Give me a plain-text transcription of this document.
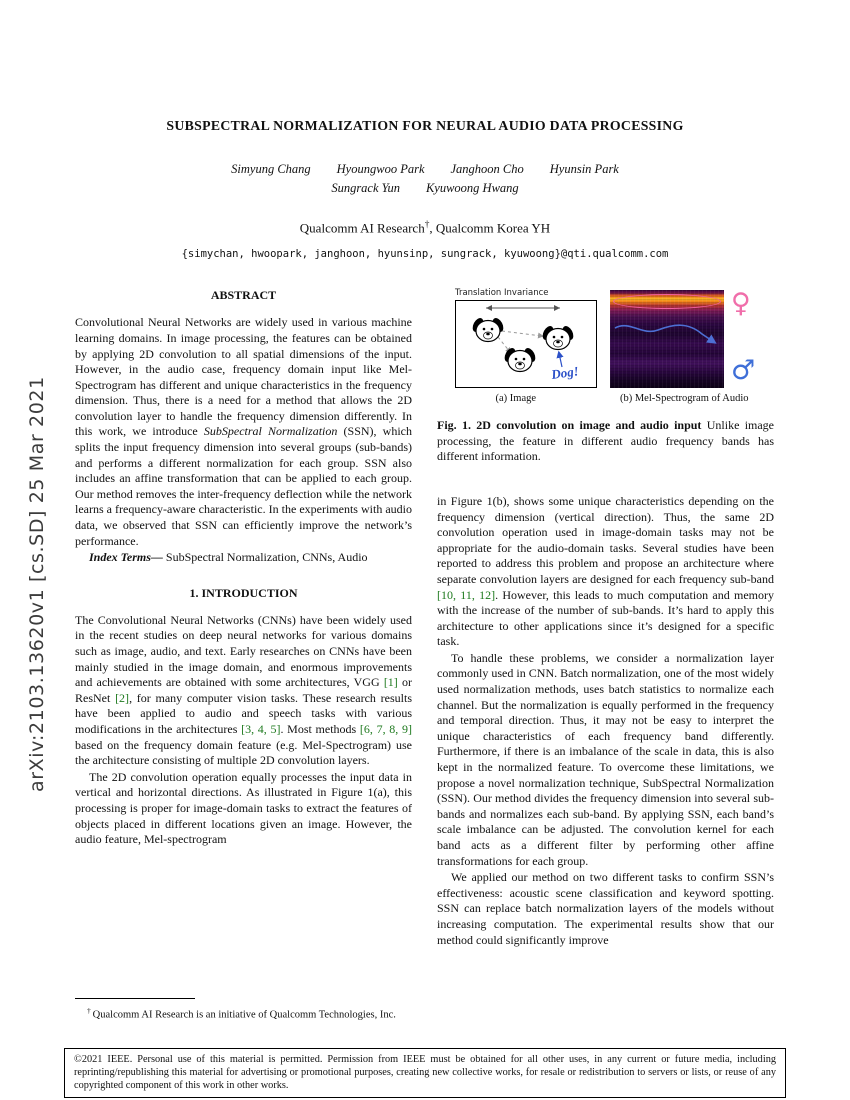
arXiv:2103.13620v1 [cs.SD] 25 Mar 2021
SUBSPECTRAL NORMALIZATION FOR NEURAL AUDIO DATA PROCESSING
Simyung Chang Hyoungwoo Park Janghoon Cho Hyunsin Park
Sungrack Yun Kyuwoong Hwang
Qualcomm AI Research†, Qualcomm Korea YH
{simychan, hwoopark, janghoon, hyunsinp, sungrack, kyuwoong}@qti.qualcomm.com
ABSTRACT

Convolutional Neural Networks are widely used in various machine learning domains. In image processing, the features can be obtained by applying 2D convolution to all spatial dimensions of the input. However, in the audio case, frequency domain input like Mel-Spectrogram has different and unique characteristics in the frequency dimension. Thus, there is a need for a method that allows the 2D convolution layer to handle the frequency dimension differently. In this work, we introduce SubSpectral Normalization (SSN), which splits the input frequency dimension into several groups (sub-bands) and performs a different normalization for each group. SSN also includes an affine transformation that can be applied to each group. Our method removes the inter-frequency deflection while the network learns a frequency-aware characteristic. In the experiments with audio data, we observed that SSN can efficiently improve the network’s performance.

Index Terms— SubSpectral Normalization, CNNs, Audio

1. INTRODUCTION

The Convolutional Neural Networks (CNNs) have been widely used in the recent studies on deep neural networks for various domains such as image, audio, and text. Early researches on CNNs have been mainly studied in the image domain, and enormous improvements and achievements are obtained with some architectures, VGG [1] or ResNet [2], for many computer vision tasks. These research results have been applied to audio and speech tasks with various modifications in the architectures [3, 4, 5]. Most methods [6, 7, 8, 9] based on the frequency domain feature (e.g. Mel-Spectrogram) use the architecture consisting of multiple 2D convolution layers.

The 2D convolution operation equally processes the input data in vertical and horizontal directions. As illustrated in Figure 1(a), this processing is proper for image-domain tasks to extract the features of objects placed in different locations given an image. However, the audio feature, Mel-spectrogram

Translation Invariance
Dog!
♀
♂
(a) Image	(b) Mel-Spectrogram of Audio

Fig. 1. 2D convolution on image and audio input Unlike image processing, the feature in different audio frequency bands has different information.

in Figure 1(b), shows some unique characteristics depending on the frequency dimension (vertical direction). Thus, the same 2D convolution operation used in image-domain tasks may not be appropriate for the audio-domain tasks. Several studies have been reported to address this problem and propose an architecture where separate convolution layers are designed for each frequency sub-band [10, 11, 12]. However, this leads to much computation and memory with the increase of the number of sub-bands. It’s hard to apply this architecture to other applications since it’s designed for a specific task.

To handle these problems, we consider a normalization layer commonly used in CNN. Batch normalization, one of the most widely used normalization methods, uses batch statistics to normalize each channel. But the normalization is equally performed in the frequency and temporal direction. Thus, it may not be easy to interpret the unique characteristics of each frequency band differently. Furthermore, if there is an imbalance of the scale in data, this is also kept in the normalized feature. To overcome these limitations, we propose a novel normalization technique, SubSpectral Normalization (SSN). Our method divides the frequency dimension into several sub-bands and normalizes each sub-band. By applying SSN, each band’s scale imbalance can be adjusted. The convolution kernel for each band acts as a different filter by performing other affine transformations for each group.

We applied our method on two different tasks to confirm SSN’s effectiveness: acoustic scene classification and keyword spotting. SSN can replace batch normalization layers of the models without increasing computation. The experimental results show that our method could significantly improve

† Qualcomm AI Research is an initiative of Qualcomm Technologies, Inc.
©2021 IEEE. Personal use of this material is permitted. Permission from IEEE must be obtained for all other uses, in any current or future media, including reprinting/republishing this material for advertising or promotional purposes, creating new collective works, for resale or redistribution to servers or lists, or reuse of any copyrighted component of this work in other works.
